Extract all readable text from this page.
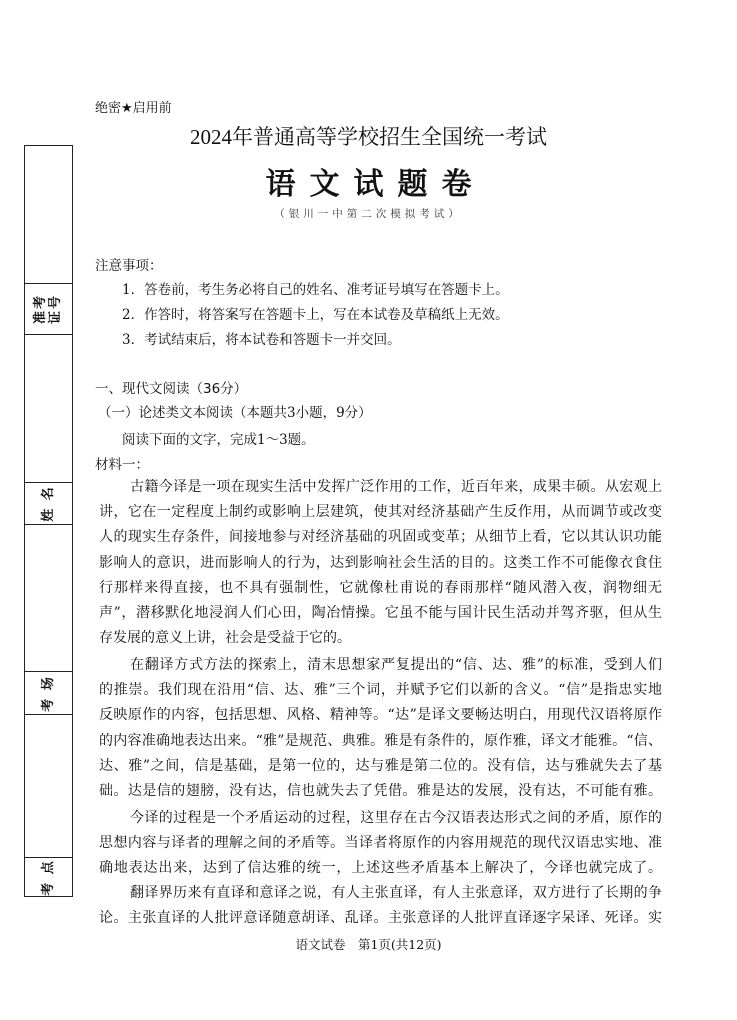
绝密★启用前
2024年普通高等学校招生全国统一考试
语文试题卷
（银川一中第二次模拟考试）
准考
证号
姓 名
考 场
考 点
注意事项：
1．答卷前，考生务必将自己的姓名、准考证号填写在答题卡上。
2．作答时，将答案写在答题卡上，写在本试卷及草稿纸上无效。
3．考试结束后，将本试卷和答题卡一并交回。
一、现代文阅读（36分）
（一）论述类文本阅读（本题共3小题，9分）
阅读下面的文字，完成1～3题。
材料一：
古籍今译是一项在现实生活中发挥广泛作用的工作，近百年来，成果丰硕。从宏观上
讲，它在一定程度上制约或影响上层建筑，使其对经济基础产生反作用，从而调节或改变
人的现实生存条件，间接地参与对经济基础的巩固或变革；从细节上看，它以其认识功能
影响人的意识，进而影响人的行为，达到影响社会生活的目的。这类工作不可能像衣食住
行那样来得直接，也不具有强制性，它就像杜甫说的春雨那样“随风潜入夜，润物细无
声”，潜移默化地浸润人们心田，陶冶情操。它虽不能与国计民生活动并驾齐驱，但从生
存发展的意义上讲，社会是受益于它的。
在翻译方式方法的探索上，清末思想家严复提出的“信、达、雅”的标准，受到人们
的推崇。我们现在沿用“信、达、雅”三个词，并赋予它们以新的含义。“信”是指忠实地
反映原作的内容，包括思想、风格、精神等。“达”是译文要畅达明白，用现代汉语将原作
的内容准确地表达出来。“雅”是规范、典雅。雅是有条件的，原作雅，译文才能雅。“信、
达、雅”之间，信是基础，是第一位的，达与雅是第二位的。没有信，达与雅就失去了基
础。达是信的翅膀，没有达，信也就失去了凭借。雅是达的发展，没有达，不可能有雅。
今译的过程是一个矛盾运动的过程，这里存在古今汉语表达形式之间的矛盾，原作的
思想内容与译者的理解之间的矛盾等。当译者将原作的内容用规范的现代汉语忠实地、准
确地表达出来，达到了信达雅的统一，上述这些矛盾基本上解决了，今译也就完成了。
翻译界历来有直译和意译之说，有人主张直译，有人主张意译，双方进行了长期的争
论。主张直译的人批评意译随意胡译、乱译。主张意译的人批评直译逐字呆译、死译。实
语文试卷　第1页(共12页)
